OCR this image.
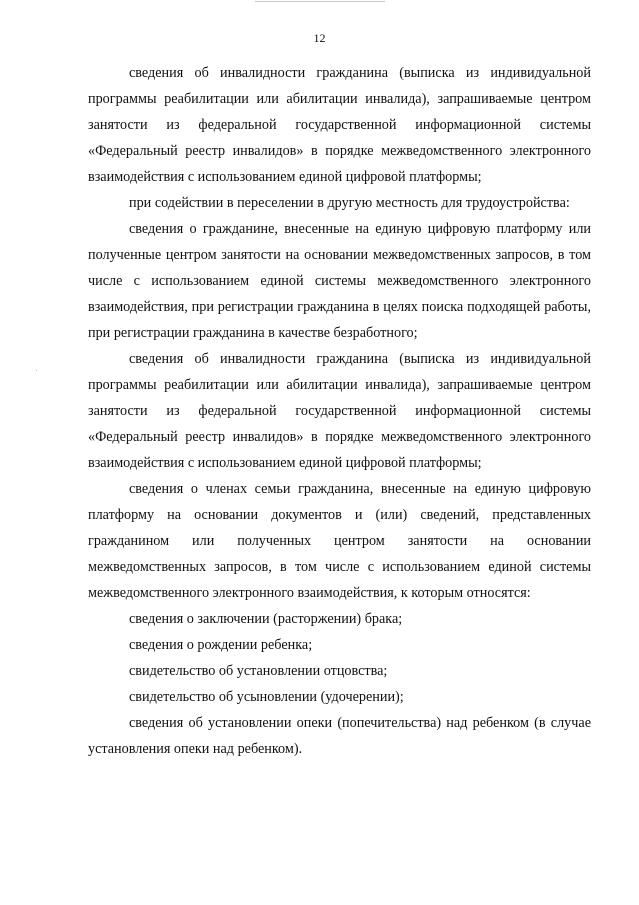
12

сведения об инвалидности гражданина (выписка из индивидуальной программы реабилитации или абилитации инвалида), запрашиваемые центром занятости из федеральной государственной информационной системы «Федеральный реестр инвалидов» в порядке межведомственного электронного взаимодействия с использованием единой цифровой платформы;

при содействии в переселении в другую местность для трудоустройства:

сведения о гражданине, внесенные на единую цифровую платформу или полученные центром занятости на основании межведомственных запросов, в том числе с использованием единой системы межведомственного электронного взаимодействия, при регистрации гражданина в целях поиска подходящей работы, при регистрации гражданина в качестве безработного;

сведения об инвалидности гражданина (выписка из индивидуальной программы реабилитации или абилитации инвалида), запрашиваемые центром занятости из федеральной государственной информационной системы «Федеральный реестр инвалидов» в порядке межведомственного электронного взаимодействия с использованием единой цифровой платформы;

сведения о членах семьи гражданина, внесенные на единую цифровую платформу на основании документов и (или) сведений, представленных гражданином или полученных центром занятости на основании межведомственных запросов, в том числе с использованием единой системы межведомственного электронного взаимодействия, к которым относятся:

сведения о заключении (расторжении) брака;

сведения о рождении ребенка;

свидетельство об установлении отцовства;

свидетельство об усыновлении (удочерении);

сведения об установлении опеки (попечительства) над ребенком (в случае установления опеки над ребенком).
